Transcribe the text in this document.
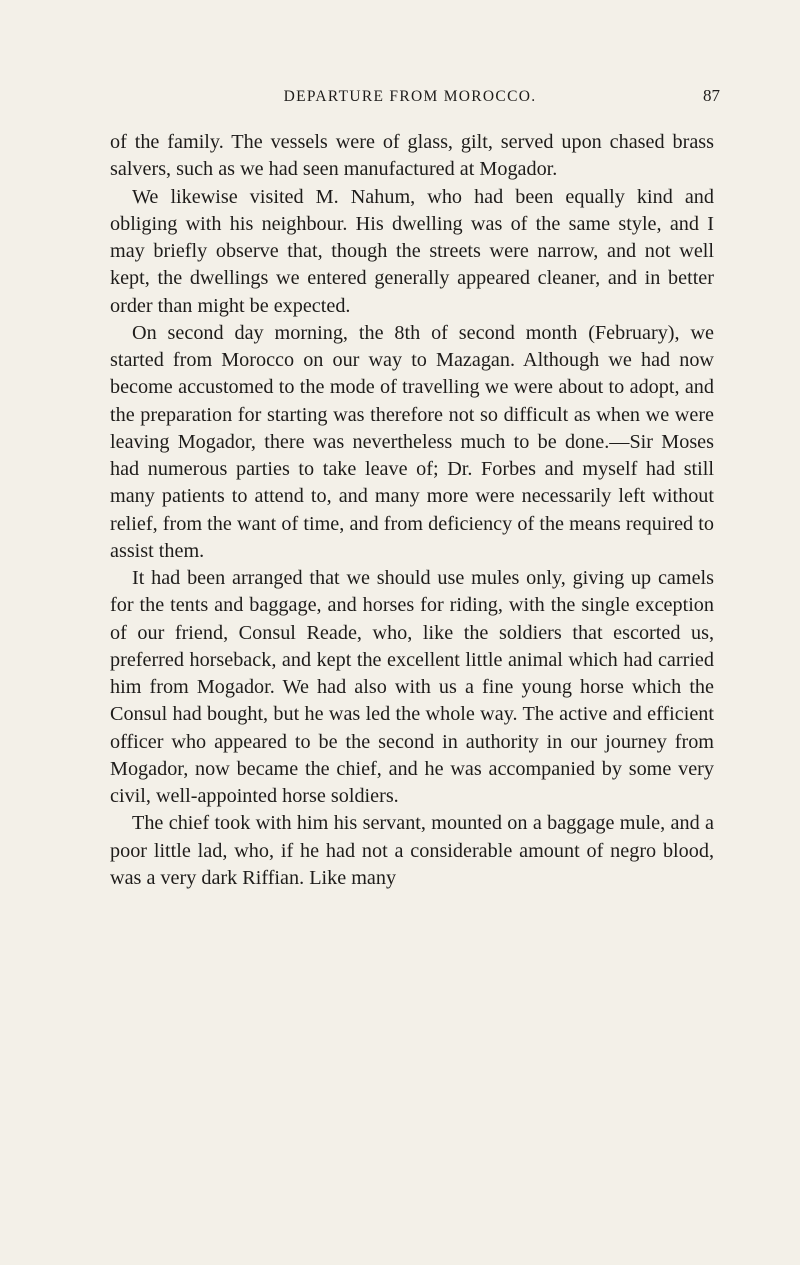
DEPARTURE FROM MOROCCO.	87

of the family. The vessels were of glass, gilt, served upon chased brass salvers, such as we had seen manufactured at Mogador.

We likewise visited M. Nahum, who had been equally kind and obliging with his neighbour. His dwelling was of the same style, and I may briefly observe that, though the streets were narrow, and not well kept, the dwellings we entered generally appeared cleaner, and in better order than might be expected.

On second day morning, the 8th of second month (February), we started from Morocco on our way to Mazagan. Although we had now become accustomed to the mode of travelling we were about to adopt, and the preparation for starting was therefore not so difficult as when we were leaving Mogador, there was nevertheless much to be done.—Sir Moses had numerous parties to take leave of; Dr. Forbes and myself had still many patients to attend to, and many more were necessarily left without relief, from the want of time, and from deficiency of the means required to assist them.

It had been arranged that we should use mules only, giving up camels for the tents and baggage, and horses for riding, with the single exception of our friend, Consul Reade, who, like the soldiers that escorted us, preferred horseback, and kept the excellent little animal which had carried him from Mogador. We had also with us a fine young horse which the Consul had bought, but he was led the whole way. The active and efficient officer who appeared to be the second in authority in our journey from Mogador, now became the chief, and he was accompanied by some very civil, well-appointed horse soldiers.

The chief took with him his servant, mounted on a baggage mule, and a poor little lad, who, if he had not a considerable amount of negro blood, was a very dark Riffian. Like many
